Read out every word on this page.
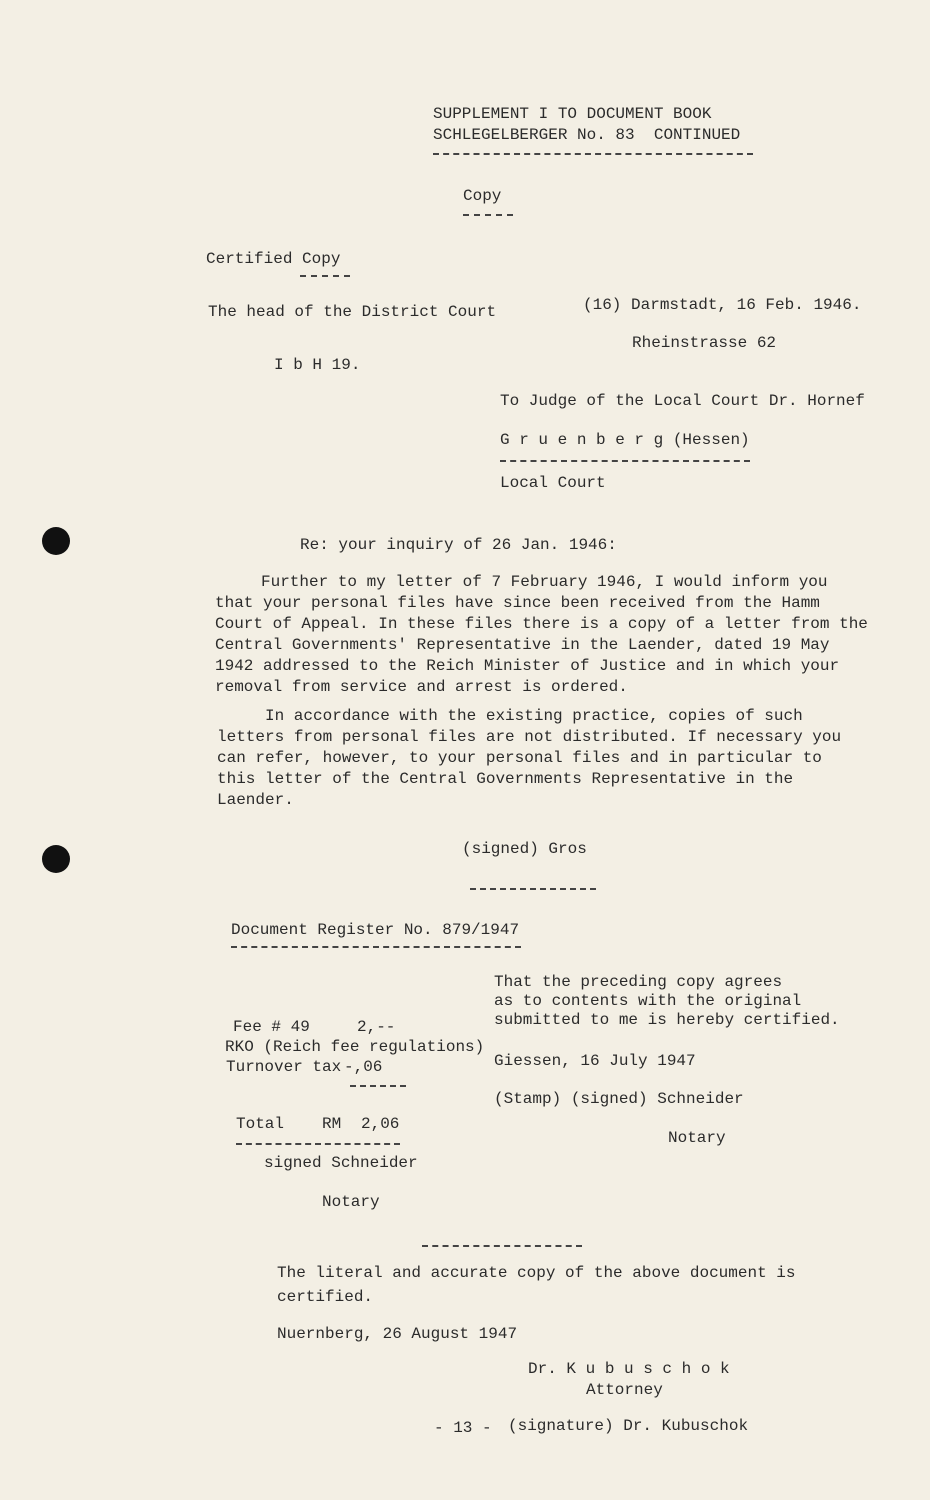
SUPPLEMENT I TO DOCUMENT BOOK
SCHLEGELBERGER No. 83  CONTINUED
Copy
Certified Copy
The head of the District Court	(16) Darmstadt, 16 Feb. 1946.
Rheinstrasse 62
I b H 19.
To Judge of the Local Court Dr. Hornef
G r u e n b e r g (Hessen)
Local Court
Re: your inquiry of 26 Jan. 1946:
Further to my letter of 7 February 1946, I would inform you that your personal files have since been received from the Hamm Court of Appeal. In these files there is a copy of a letter from the Central Governments' Representative in the Laender, dated 19 May 1942 addressed to the Reich Minister of Justice and in which your removal from service and arrest is ordered.
In accordance with the existing practice, copies of such letters from personal files are not distributed. If necessary you can refer, however, to your personal files and in particular to this letter of the Central Governments Representative in the Laender.
(signed) Gros
Document Register No. 879/1947
That the preceding copy agrees
as to contents with the original
submitted to me is hereby certified.
Giessen, 16 July 1947
(Stamp) (signed) Schneider
Notary
Fee # 49	2,--
RKO (Reich fee regulations)
Turnover tax -,06
Total RM 2,06
signed Schneider
Notary
The literal and accurate copy of the above document is
certified.
Nuernberg, 26 August 1947
Dr. K u b u s c h o k
Attorney
- 13 - (signature) Dr. Kubuschok
